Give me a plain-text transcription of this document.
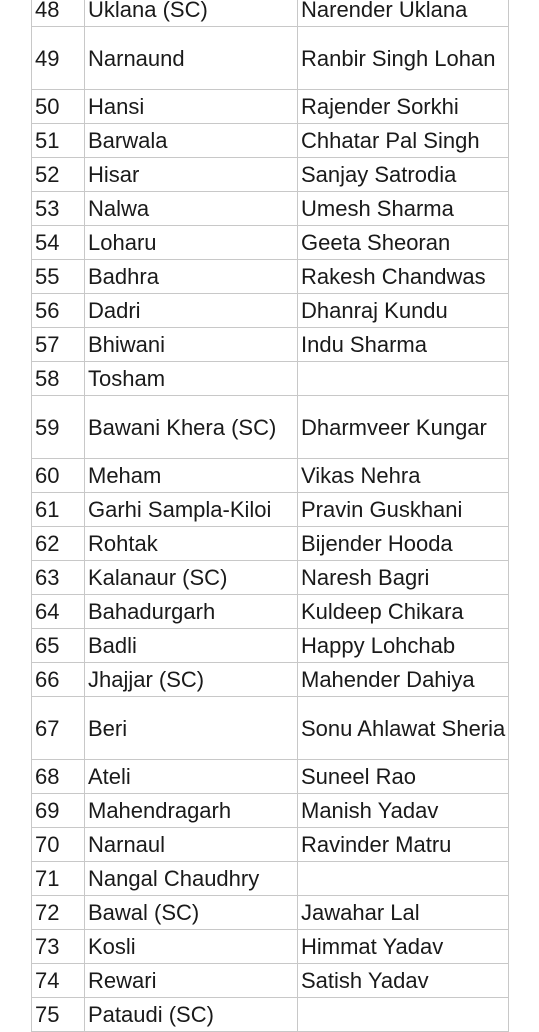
48	Uklana (SC)	Narender Uklana
49	Narnaund	Ranbir Singh Lohan
50	Hansi	Rajender Sorkhi
51	Barwala	Chhatar Pal Singh
52	Hisar	Sanjay Satrodia
53	Nalwa	Umesh Sharma
54	Loharu	Geeta Sheoran
55	Badhra	Rakesh Chandwas
56	Dadri	Dhanraj Kundu
57	Bhiwani	Indu Sharma
58	Tosham	
59	Bawani Khera (SC)	Dharmveer Kungar
60	Meham	Vikas Nehra
61	Garhi Sampla-Kiloi	Pravin Guskhani
62	Rohtak	Bijender Hooda
63	Kalanaur (SC)	Naresh Bagri
64	Bahadurgarh	Kuldeep Chikara
65	Badli	Happy Lohchab
66	Jhajjar (SC)	Mahender Dahiya
67	Beri	Sonu Ahlawat Sheria
68	Ateli	Suneel Rao
69	Mahendragarh	Manish Yadav
70	Narnaul	Ravinder Matru
71	Nangal Chaudhry	
72	Bawal (SC)	Jawahar Lal
73	Kosli	Himmat Yadav
74	Rewari	Satish Yadav
75	Pataudi (SC)	
